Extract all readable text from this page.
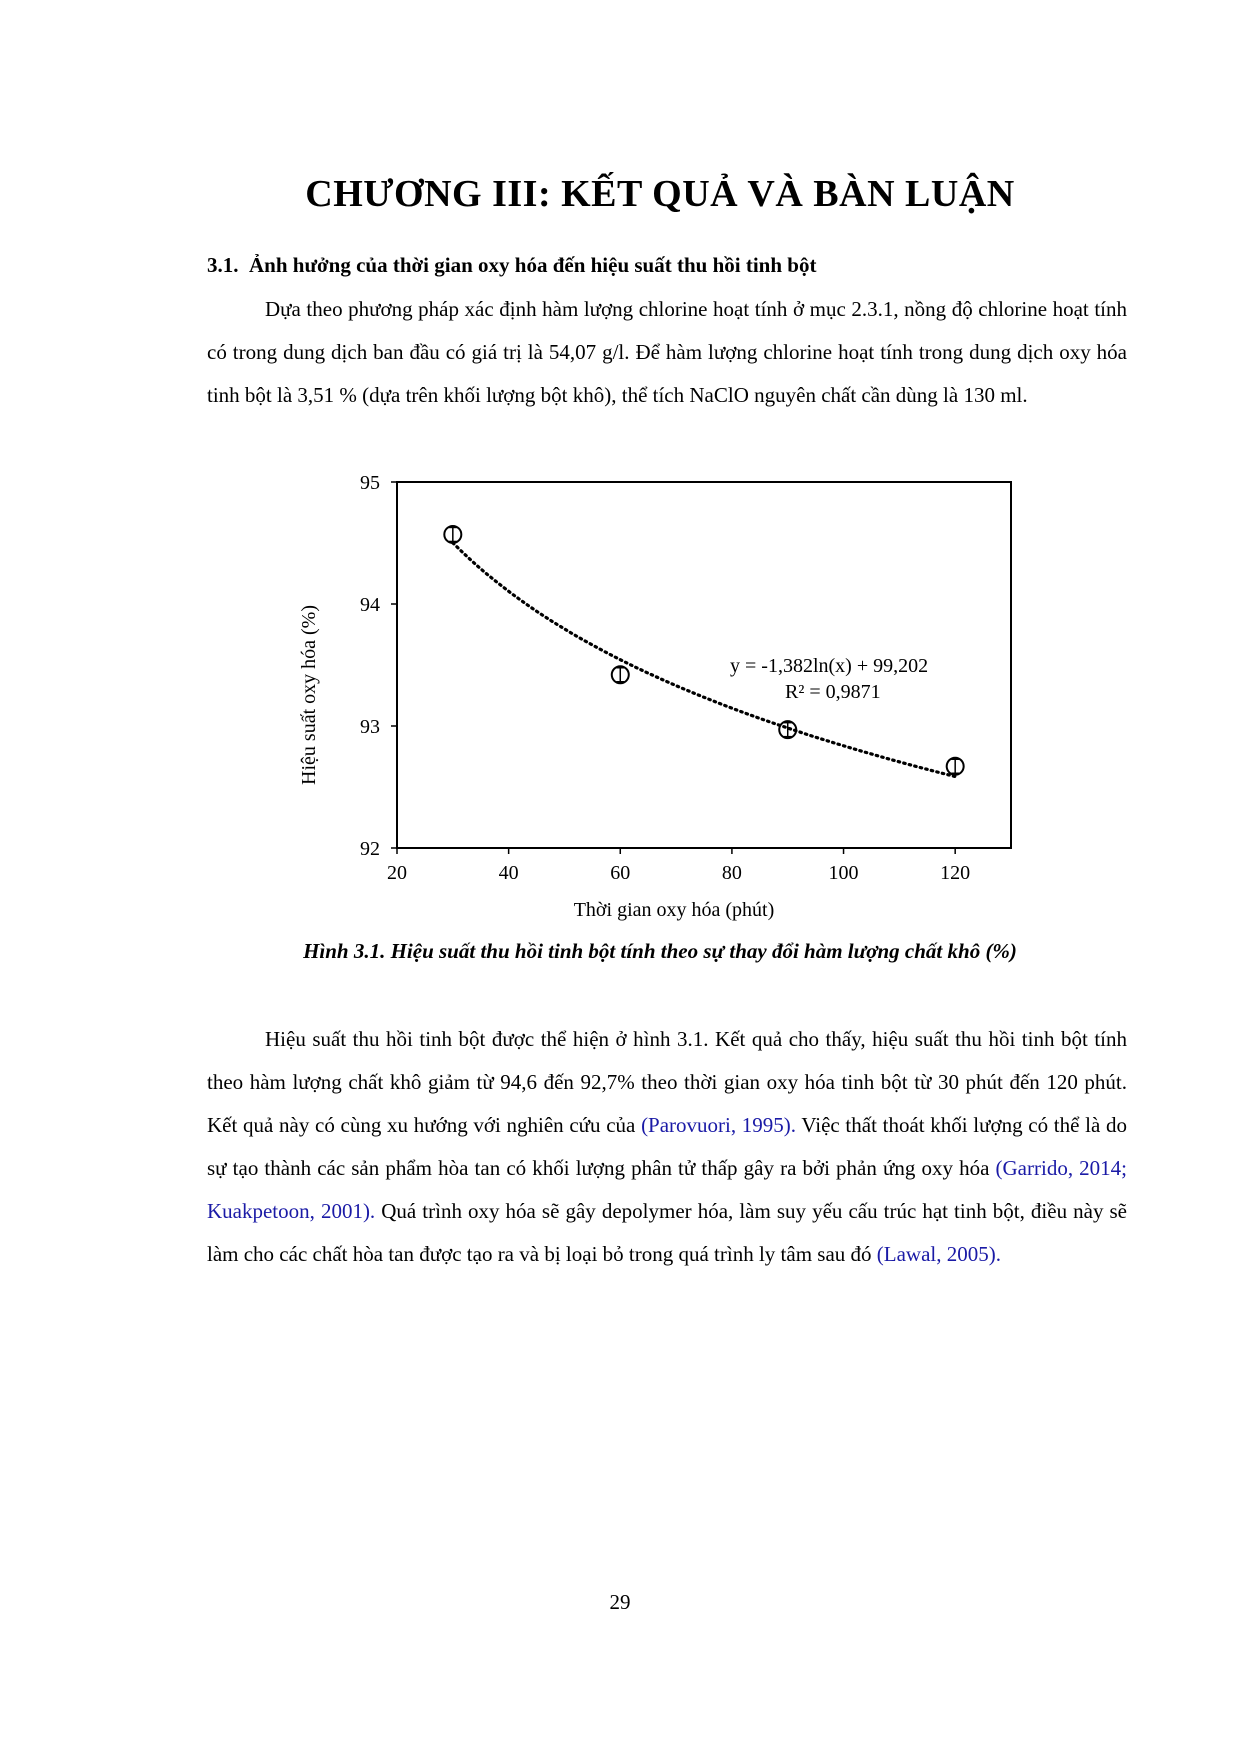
CHƯƠNG III: KẾT QUẢ VÀ BÀN LUẬN
3.1. Ảnh hưởng của thời gian oxy hóa đến hiệu suất thu hồi tinh bột

Dựa theo phương pháp xác định hàm lượng chlorine hoạt tính ở mục 2.3.1, nồng độ chlorine hoạt tính có trong dung dịch ban đầu có giá trị là 54,07 g/l. Để hàm lượng chlorine hoạt tính trong dung dịch oxy hóa tinh bột là 3,51 % (dựa trên khối lượng bột khô), thể tích NaClO nguyên chất cần dùng là 130 ml.

20	40	60	80	100	120
92
93
94
95
Thời gian oxy hóa (phút)
Hiệu suất oxy hóa (%)	y = -1,382ln(x) + 99,202
R² = 0,9871

Hình 3.1. Hiệu suất thu hồi tinh bột tính theo sự thay đổi hàm lượng chất khô (%)

Hiệu suất thu hồi tinh bột được thể hiện ở hình 3.1. Kết quả cho thấy, hiệu suất thu hồi tinh bột tính theo hàm lượng chất khô giảm từ 94,6 đến 92,7% theo thời gian oxy hóa tinh bột từ 30 phút đến 120 phút. Kết quả này có cùng xu hướng với nghiên cứu của (Parovuori, 1995). Việc thất thoát khối lượng có thể là do sự tạo thành các sản phẩm hòa tan có khối lượng phân tử thấp gây ra bởi phản ứng oxy hóa (Garrido, 2014; Kuakpetoon, 2001). Quá trình oxy hóa sẽ gây depolymer hóa, làm suy yếu cấu trúc hạt tinh bột, điều này sẽ làm cho các chất hòa tan được tạo ra và bị loại bỏ trong quá trình ly tâm sau đó (Lawal, 2005).

29
